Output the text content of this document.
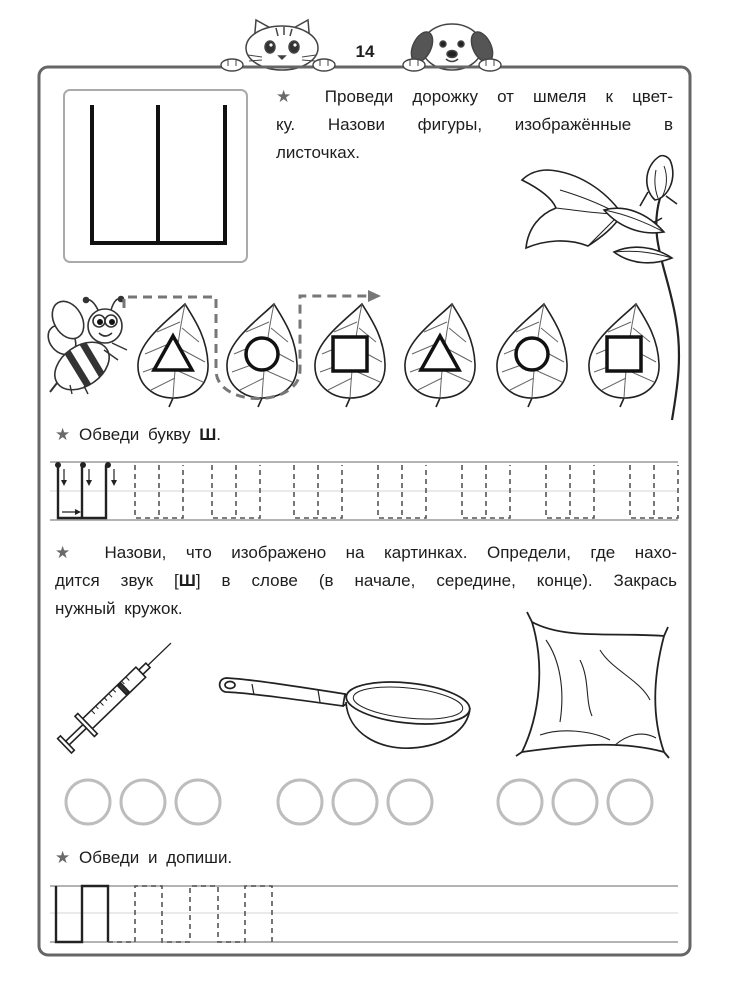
14
★ Проведи дорожку от шмеля к цвет-
ку. Назови фигуры, изображённые в
листочках.
★ Обведи букву Ш.
★ Назови, что изображено на картинках. Определи, где нахо-
дится звук [Ш] в слове (в начале, середине, конце). Закрась
нужный кружок.
★ Обведи и допиши.
